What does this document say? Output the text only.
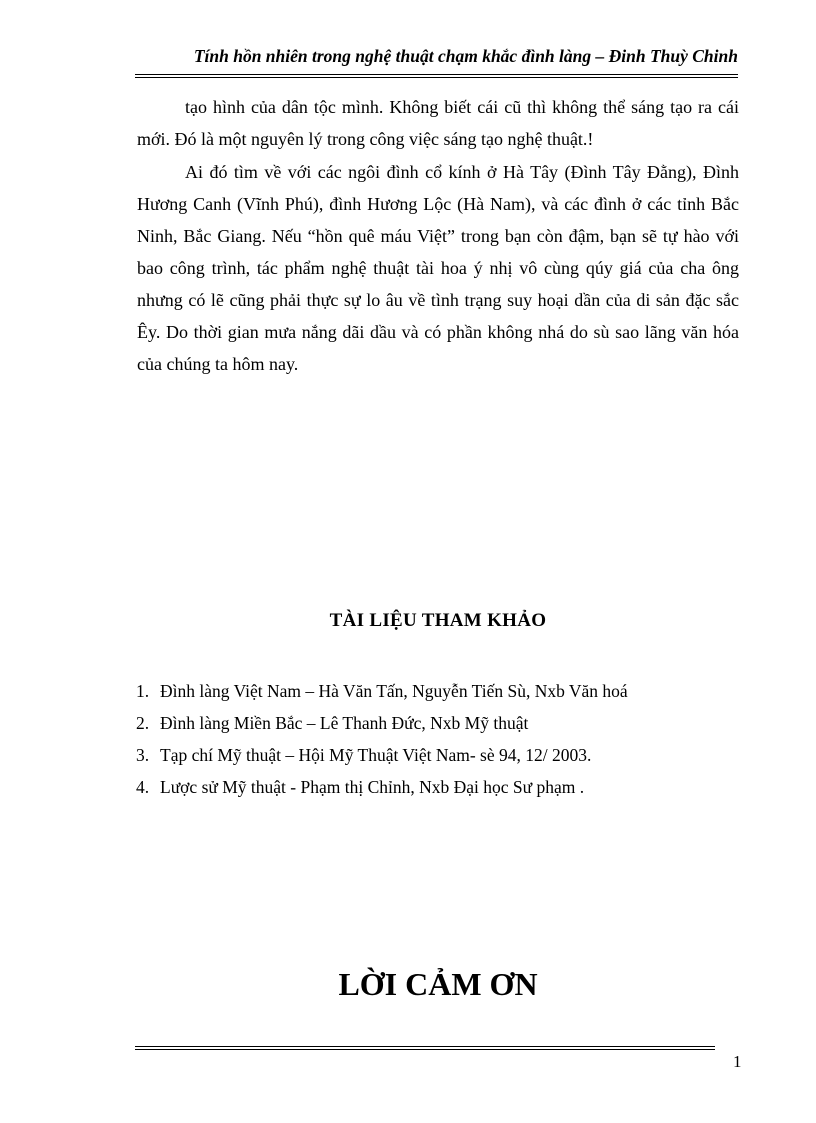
Tính hồn nhiên trong nghệ thuật chạm khắc đình làng – Đinh Thuỳ Chinh

tạo hình của dân tộc mình. Không biết cái cũ thì không thể sáng tạo ra cái mới. Đó là một nguyên lý trong công việc sáng tạo nghệ thuật.!

Ai đó tìm về với các ngôi đình cổ kính ở Hà Tây (Đình Tây Đằng), Đình Hương Canh (Vĩnh Phú), đình Hương Lộc (Hà Nam), và các đình ở các tỉnh Bắc Ninh, Bắc Giang. Nếu “hồn quê máu Việt” trong bạn còn đậm, bạn sẽ tự hào với bao công trình, tác phẩm nghệ thuật tài hoa ý nhị vô cùng qúy giá của cha ông nhưng có lẽ cũng phải thực sự lo âu về tình trạng suy hoại dần của di sản đặc sắc Êy. Do thời gian mưa nắng dãi dầu và có phần không nhá do sù sao lãng văn hóa của chúng ta hôm nay.

TÀI LIỆU THAM KHẢO
1. Đình làng Việt Nam – Hà Văn Tấn, Nguyễn Tiến Sù, Nxb Văn hoá
2. Đình làng Miền Bắc – Lê Thanh Đức, Nxb Mỹ thuật
3. Tạp chí Mỹ thuật – Hội Mỹ Thuật Việt Nam- sè 94, 12/ 2003.
4. Lược sử Mỹ thuật - Phạm thị Chỉnh, Nxb Đại học Sư phạm .
LỜI CẢM ƠN
1
